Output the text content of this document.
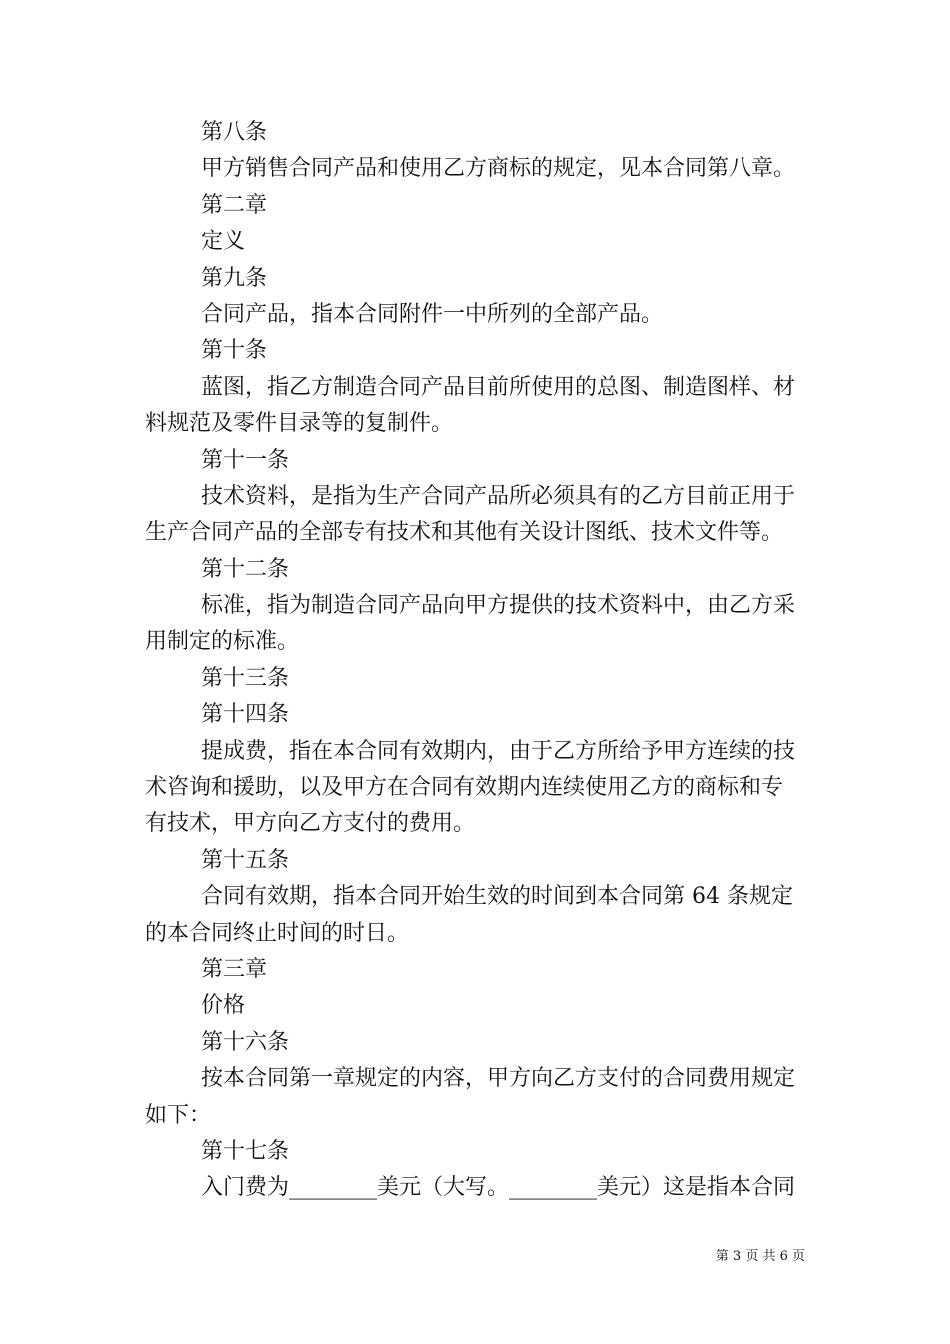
第八条
甲方销售合同产品和使用乙方商标的规定，见本合同第八章。
第二章
定义
第九条
合同产品，指本合同附件一中所列的全部产品。
第十条
蓝图，指乙方制造合同产品目前所使用的总图、制造图样、材
料规范及零件目录等的复制件。
第十一条
技术资料，是指为生产合同产品所必须具有的乙方目前正用于
生产合同产品的全部专有技术和其他有关设计图纸、技术文件等。
第十二条
标准，指为制造合同产品向甲方提供的技术资料中，由乙方采
用制定的标准。
第十三条
第十四条
提成费，指在本合同有效期内，由于乙方所给予甲方连续的技
术咨询和援助，以及甲方在合同有效期内连续使用乙方的商标和专
有技术，甲方向乙方支付的费用。
第十五条
合同有效期，指本合同开始生效的时间到本合同第 64 条规定
的本合同终止时间的时日。
第三章
价格
第十六条
按本合同第一章规定的内容，甲方向乙方支付的合同费用规定
如下：
第十七条
入门费为________美元（大写。________美元）这是指本合同
第 3 页 共 6 页
